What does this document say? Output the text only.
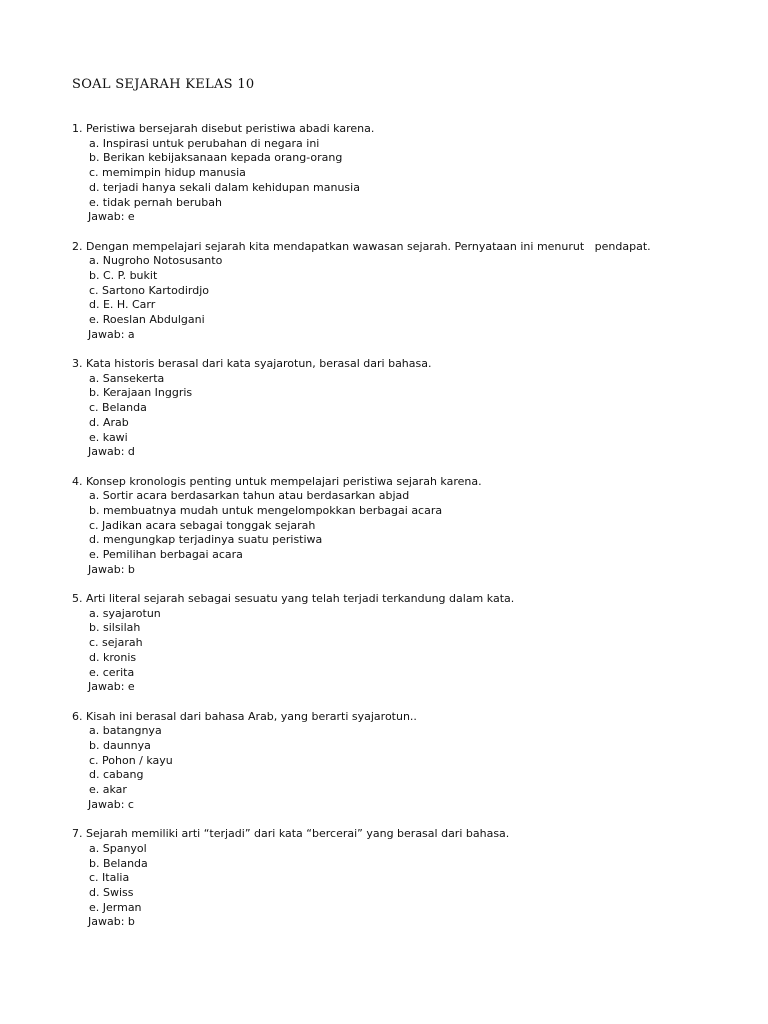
SOAL SEJARAH KELAS 10
1. Peristiwa bersejarah disebut peristiwa abadi karena.
a. Inspirasi untuk perubahan di negara ini
b. Berikan kebijaksanaan kepada orang-orang
c. memimpin hidup manusia
d. terjadi hanya sekali dalam kehidupan manusia
e. tidak pernah berubah
Jawab: e
2. Dengan mempelajari sejarah kita mendapatkan wawasan sejarah. Pernyataan ini menurut   pendapat.
a. Nugroho Notosusanto
b. C. P. bukit
c. Sartono Kartodirdjo
d. E. H. Carr
e. Roeslan Abdulgani
Jawab: a
3. Kata historis berasal dari kata syajarotun, berasal dari bahasa.
a. Sansekerta
b. Kerajaan Inggris
c. Belanda
d. Arab
e. kawi
Jawab: d
4. Konsep kronologis penting untuk mempelajari peristiwa sejarah karena.
a. Sortir acara berdasarkan tahun atau berdasarkan abjad
b. membuatnya mudah untuk mengelompokkan berbagai acara
c. Jadikan acara sebagai tonggak sejarah
d. mengungkap terjadinya suatu peristiwa
e. Pemilihan berbagai acara
Jawab: b
5. Arti literal sejarah sebagai sesuatu yang telah terjadi terkandung dalam kata.
a. syajarotun
b. silsilah
c. sejarah
d. kronis
e. cerita
Jawab: e
6. Kisah ini berasal dari bahasa Arab, yang berarti syajarotun..
a. batangnya
b. daunnya
c. Pohon / kayu
d. cabang
e. akar
Jawab: c
7. Sejarah memiliki arti “terjadi” dari kata “bercerai” yang berasal dari bahasa.
a. Spanyol
b. Belanda
c. Italia
d. Swiss
e. Jerman
Jawab: b
